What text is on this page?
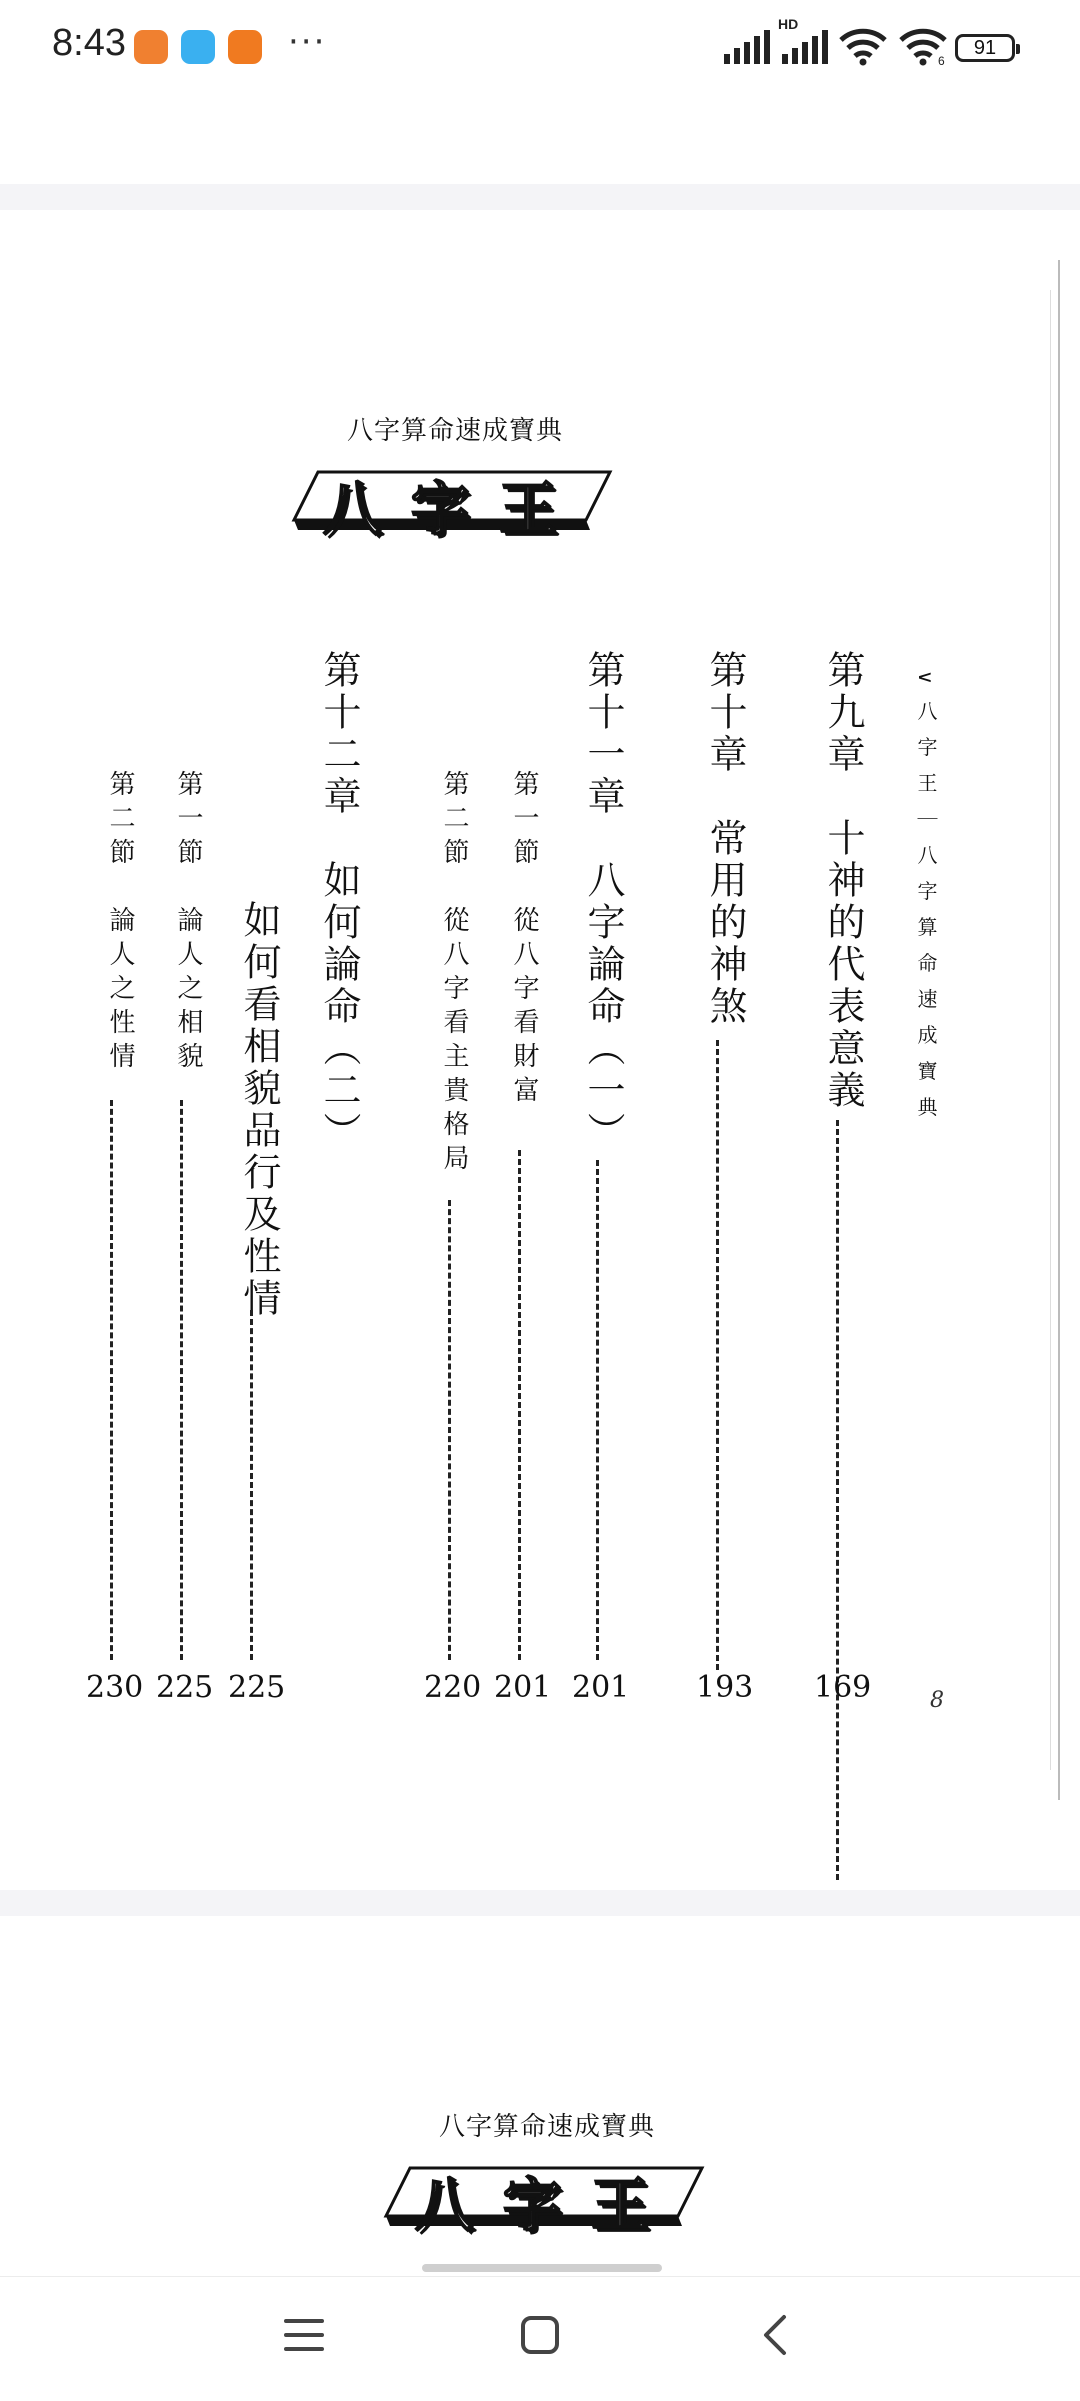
8:43	···	HD
6
91
八字算命速成寶典
八字王
∨八字王｜八字算命速成寶典
第九章　十神的代表意義
169
第十章　常用的神煞
193
第十一章　八字論命（一）
201
第一節　從八字看財富
201
第二節　從八字看主貴格局
220
第十二章　如何論命（二）
如何看相貌品行及性情
225
第一節　論人之相貌
225
第二節　論人之性情
230	8
八字算命速成寶典
八字王
